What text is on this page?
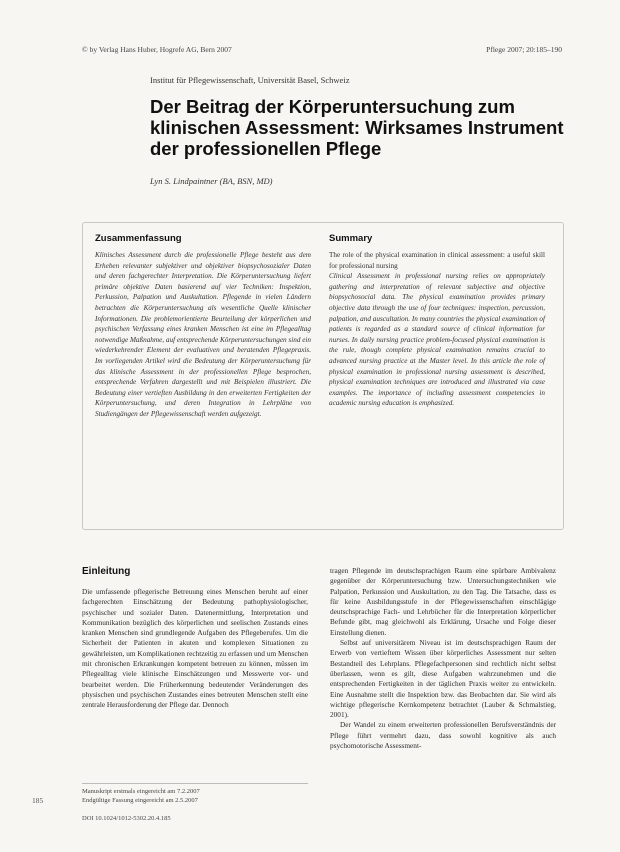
© by Verlag Hans Huber, Hogrefe AG, Bern 2007	Pflege 2007; 20:185–190
Institut für Pflegewissenschaft, Universität Basel, Schweiz
Der Beitrag der Körperuntersuchung zum klinischen Assessment: Wirksames Instrument der professionellen Pflege
Lyn S. Lindpaintner (BA, BSN, MD)
Zusammenfassung

Klinisches Assessment durch die professionelle Pflege besteht aus dem Erheben relevanter subjektiver und objektiver biopsychosozialer Daten und deren fachgerechter Interpretation. Die Körperuntersuchung liefert primäre objektive Daten basierend auf vier Techniken: Inspektion, Perkussion, Palpation und Auskultation. Pflegende in vielen Ländern betrachten die Körperuntersuchung als wesentliche Quelle klinischer Informationen. Die problemorientierte Beurteilung der körperlichen und psychischen Verfassung eines kranken Menschen ist eine im Pflegealltag notwendige Maßnahme, auf entsprechende Körperuntersuchungen sind ein wiederkehrender Element der evaluativen und beratenden Pflegepraxis. Im vorliegenden Artikel wird die Bedeutung der Körperuntersuchung für das klinische Assessment in der professionellen Pflege besprochen, entsprechende Verfahren dargestellt und mit Beispielen illustriert. Die Bedeutung einer vertieften Ausbildung in den erweiterten Fertigkeiten der Körperuntersuchung, und deren Integration in Lehrpläne von Studiengängen der Pflegewissenschaft werden aufgezeigt.

Summary

The role of the physical examination in clinical assessment: a useful skill for professional nursing

Clinical Assessment in professional nursing relies on appropriately gathering and interpretation of relevant subjective and objective biopsychosocial data. The physical examination provides primary objective data through the use of four techniques: inspection, percussion, palpation, and auscultation. In many countries the physical examination of patients is regarded as a standard source of clinical information for nurses. In daily nursing practice problem-focused physical examination is the rule, though complete physical examination remains crucial to advanced nursing practice at the Master level. In this article the role of physical examination in professional nursing assessment is described, physical examination techniques are introduced and illustrated via case examples. The importance of including assessment competencies in academic nursing education is emphasized.

Einleitung

Die umfassende pflegerische Betreuung eines Menschen beruht auf einer fachgerechten Einschätzung der Bedeutung pathophysiologischer, psychischer und sozialer Daten. Datenermittlung, Interpretation und Kommunikation bezüglich des körperlichen und seelischen Zustands eines kranken Menschen sind grundlegende Aufgaben des Pflegeberufes. Um die Sicherheit der Patienten in akuten und komplexen Situationen zu gewährleisten, um Komplikationen rechtzeitig zu erfassen und um Menschen mit chronischen Erkrankungen kompetent betreuen zu können, müssen im Pflegealltag viele klinische Einschätzungen und Messwerte vor- und bearbeitet werden. Die Früherkennung bedeutender Veränderungen des physischen und psychischen Zustandes eines betreuten Menschen stellt eine zentrale Herausforderung der Pflege dar. Dennoch

tragen Pflegende im deutschsprachigen Raum eine spürbare Ambivalenz gegenüber der Körperuntersuchung bzw. Untersuchungstechniken wie Palpation, Perkussion und Auskultation, zu den Tag. Die Tatsache, dass es für keine Ausbildungsstufe in der Pflegewissenschaften einschlägige deutschsprachige Fach- und Lehrbücher für die Interpretation körperlicher Befunde gibt, mag gleichwohl als Erklärung, Ursache und Folge dieser Einstellung dienen.

Selbst auf universitärem Niveau ist im deutschsprachigen Raum der Erwerb von vertieftem Wissen über körperliches Assessment nur selten Bestandteil des Lehrplans. Pflegefachpersonen sind rechtlich nicht selbst überlassen, wenn es gilt, diese Aufgaben wahrzunehmen und die entsprechenden Fertigkeiten in der täglichen Praxis weiter zu entwickeln. Eine Ausnahme stellt die Inspektion bzw. das Beobachten dar. Sie wird als wichtige pflegerische Kernkompetenz betrachtet (Lauber & Schmalstieg, 2001).

Der Wandel zu einem erweiterten professionellen Berufsverständnis der Pflege führt vermehrt dazu, dass sowohl kognitive als auch psychomotorische Assessment-

Manuskript erstmals eingereicht am 7.2.2007
Endgültige Fassung eingereicht am 2.5.2007
DOI 10.1024/1012-5302.20.4.185
185
